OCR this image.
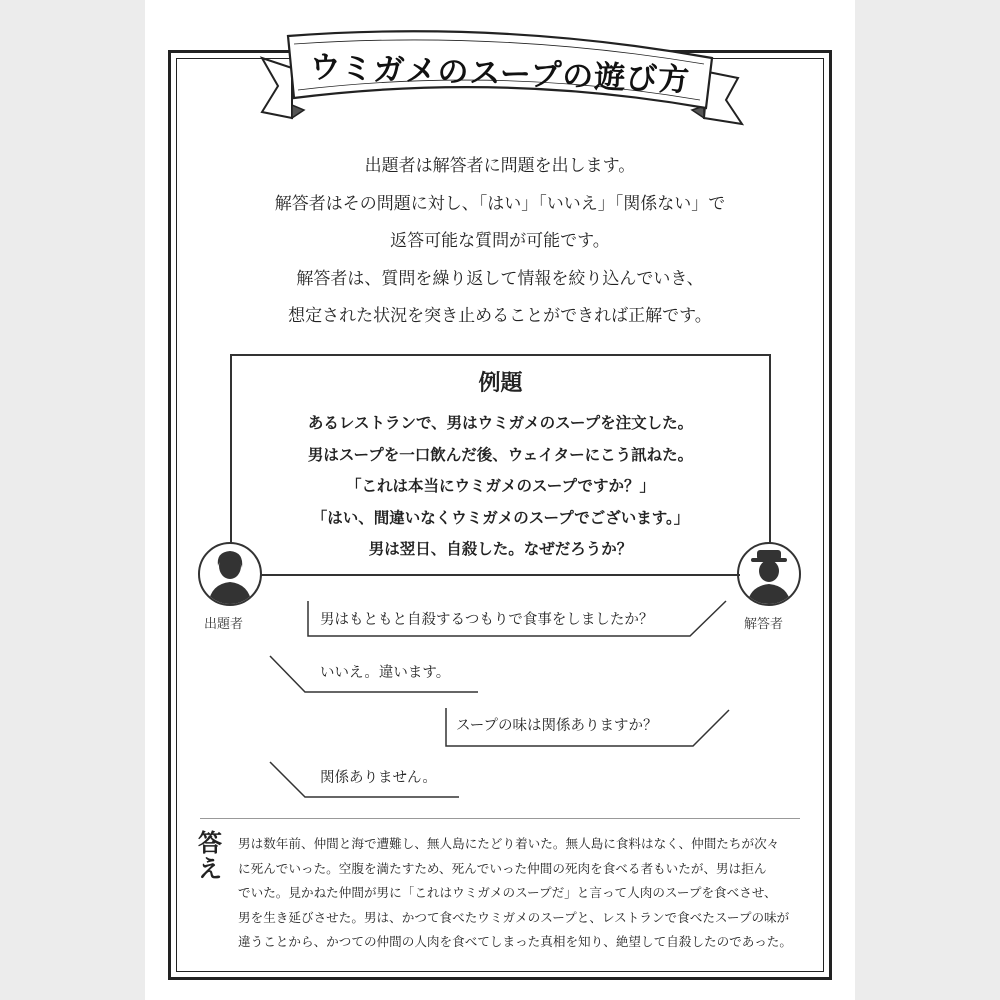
ウミガメのスープの遊び方
出題者は解答者に問題を出します。
解答者はその問題に対し、「はい」「いいえ」「関係ない」で
返答可能な質問が可能です。
解答者は、質問を繰り返して情報を絞り込んでいき、
想定された状況を突き止めることができれば正解です。
例題
あるレストランで、男はウミガメのスープを注文した。
男はスープを一口飲んだ後、ウェイターにこう訊ねた。
「これは本当にウミガメのスープですか？」
「はい、間違いなくウミガメのスープでございます。」
男は翌日、自殺した。なぜだろうか？
出題者	解答者
男はもともと自殺するつもりで食事をしましたか？
いいえ。違います。
スープの味は関係ありますか？
関係ありません。
答え
男は数年前、仲間と海で遭難し、無人島にたどり着いた。無人島に食料はなく、仲間たちが次々
に死んでいった。空腹を満たすため、死んでいった仲間の死肉を食べる者もいたが、男は拒ん
でいた。見かねた仲間が男に「これはウミガメのスープだ」と言って人肉のスープを食べさせ、
男を生き延びさせた。男は、かつて食べたウミガメのスープと、レストランで食べたスープの味が
違うことから、かつての仲間の人肉を食べてしまった真相を知り、絶望して自殺したのであった。
